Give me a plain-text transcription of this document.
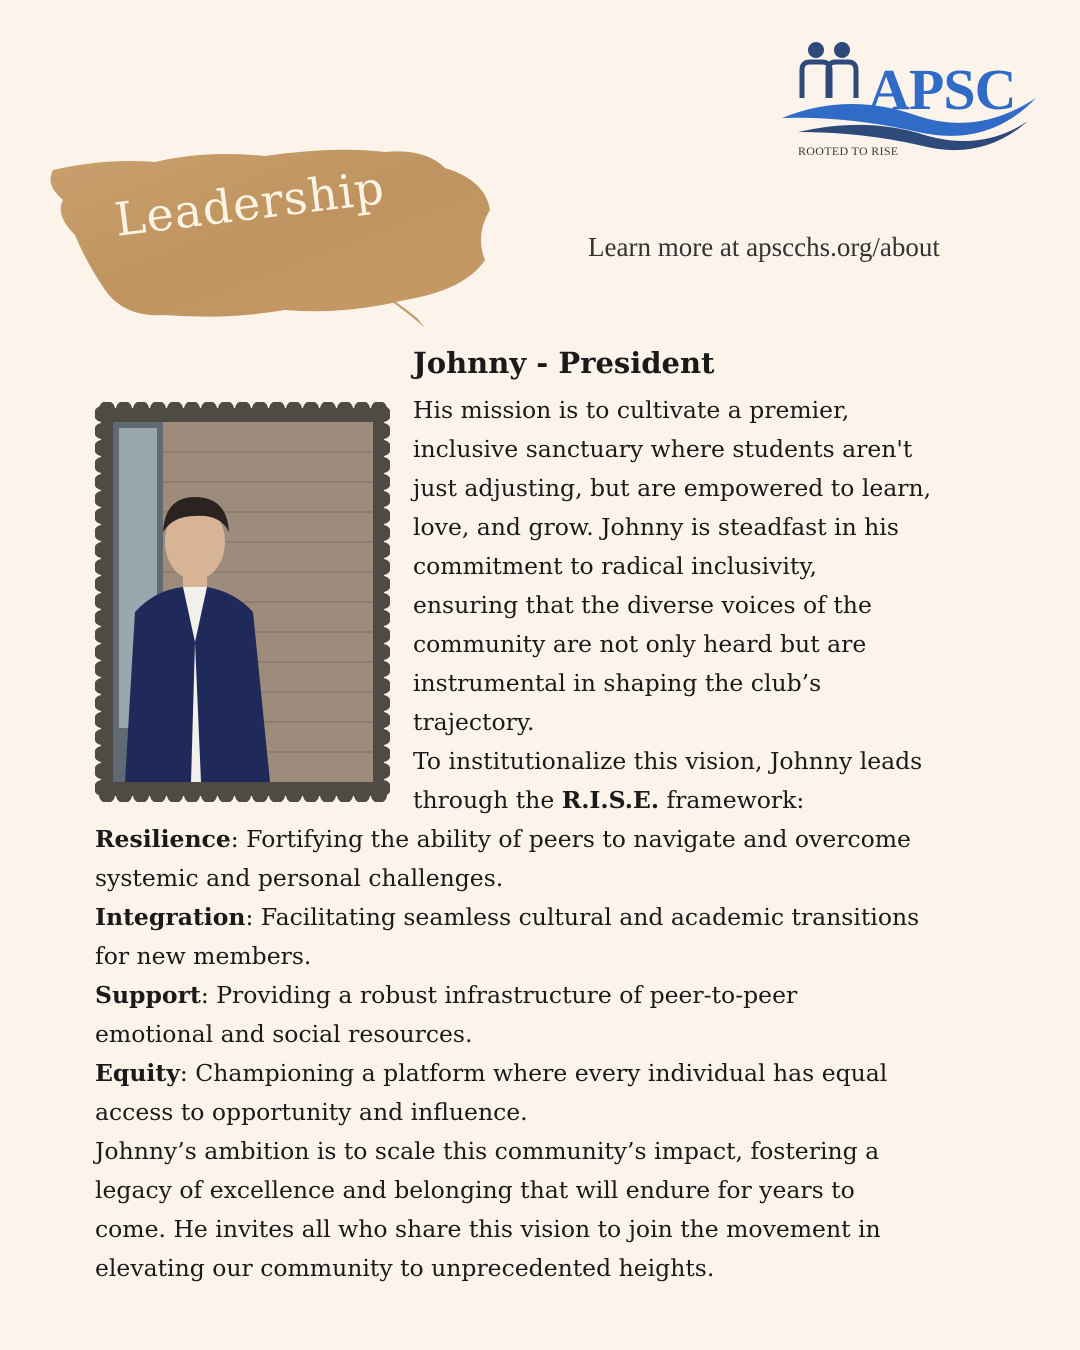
APSC
ROOTED TO RISE
Leadership
Learn more at apscchs.org/about
Johnny - President

His mission is to cultivate a premier,

inclusive sanctuary where students aren't

just adjusting, but are empowered to learn,

love, and grow. Johnny is steadfast in his

commitment to radical inclusivity,

ensuring that the diverse voices of the

community are not only heard but are

instrumental in shaping the club’s

trajectory.

To institutionalize this vision, Johnny leads

through the R.I.S.E. framework:

Resilience: Fortifying the ability of peers to navigate and overcome

systemic and personal challenges.

Integration: Facilitating seamless cultural and academic transitions

for new members.

Support: Providing a robust infrastructure of peer-to-peer

emotional and social resources.

Equity: Championing a platform where every individual has equal

access to opportunity and influence.

Johnny’s ambition is to scale this community’s impact, fostering a

legacy of excellence and belonging that will endure for years to

come. He invites all who share this vision to join the movement in

elevating our community to unprecedented heights.
